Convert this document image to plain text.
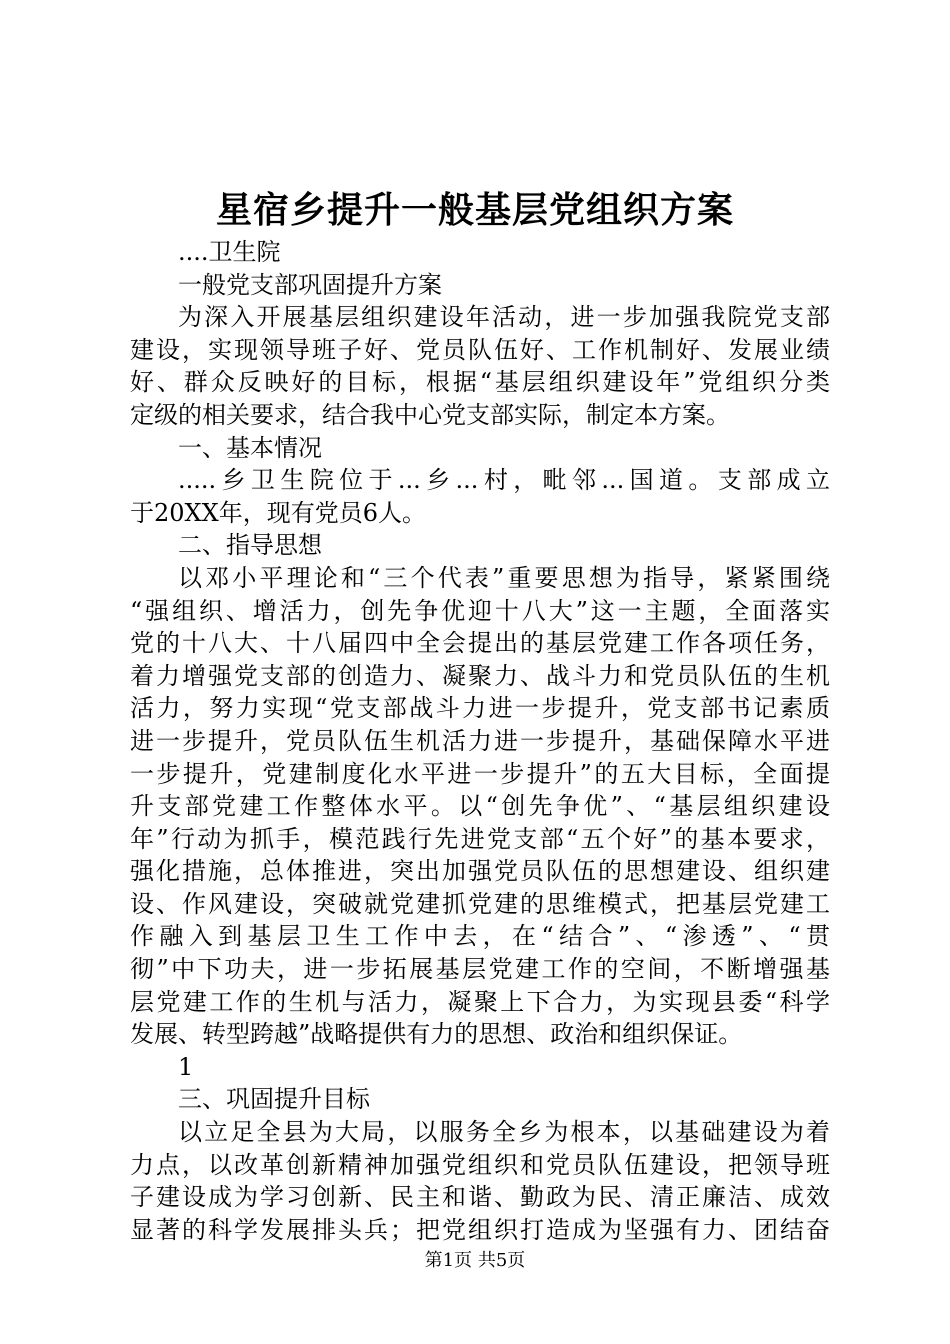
星宿乡提升一般基层党组织方案
....卫生院
一般党支部巩固提升方案
为深入开展基层组织建设年活动，进一步加强我院党支部
建设，实现领导班子好、党员队伍好、工作机制好、发展业绩
好、群众反映好的目标，根据“基层组织建设年”党组织分类
定级的相关要求，结合我中心党支部实际，制定本方案。
一、基本情况
.....乡卫生院位于...乡...村，毗邻...国道。支部成立
于20XX年，现有党员6人。
二、指导思想
以邓小平理论和“三个代表”重要思想为指导，紧紧围绕
“强组织、增活力，创先争优迎十八大”这一主题，全面落实
党的十八大、十八届四中全会提出的基层党建工作各项任务，
着力增强党支部的创造力、凝聚力、战斗力和党员队伍的生机
活力，努力实现“党支部战斗力进一步提升，党支部书记素质
进一步提升，党员队伍生机活力进一步提升，基础保障水平进
一步提升，党建制度化水平进一步提升”的五大目标，全面提
升支部党建工作整体水平。以“创先争优”、“基层组织建设
年”行动为抓手，模范践行先进党支部“五个好”的基本要求，
强化措施，总体推进，突出加强党员队伍的思想建设、组织建
设、作风建设，突破就党建抓党建的思维模式，把基层党建工
作融入到基层卫生工作中去，在“结合”、“渗透”、“贯
彻”中下功夫，进一步拓展基层党建工作的空间，不断增强基
层党建工作的生机与活力，凝聚上下合力，为实现县委“科学
发展、转型跨越”战略提供有力的思想、政治和组织保证。
1
三、巩固提升目标
以立足全县为大局，以服务全乡为根本，以基础建设为着
力点，以改革创新精神加强党组织和党员队伍建设，把领导班
子建设成为学习创新、民主和谐、勤政为民、清正廉洁、成效
显著的科学发展排头兵；把党组织打造成为坚强有力、团结奋
第1页 共5页
